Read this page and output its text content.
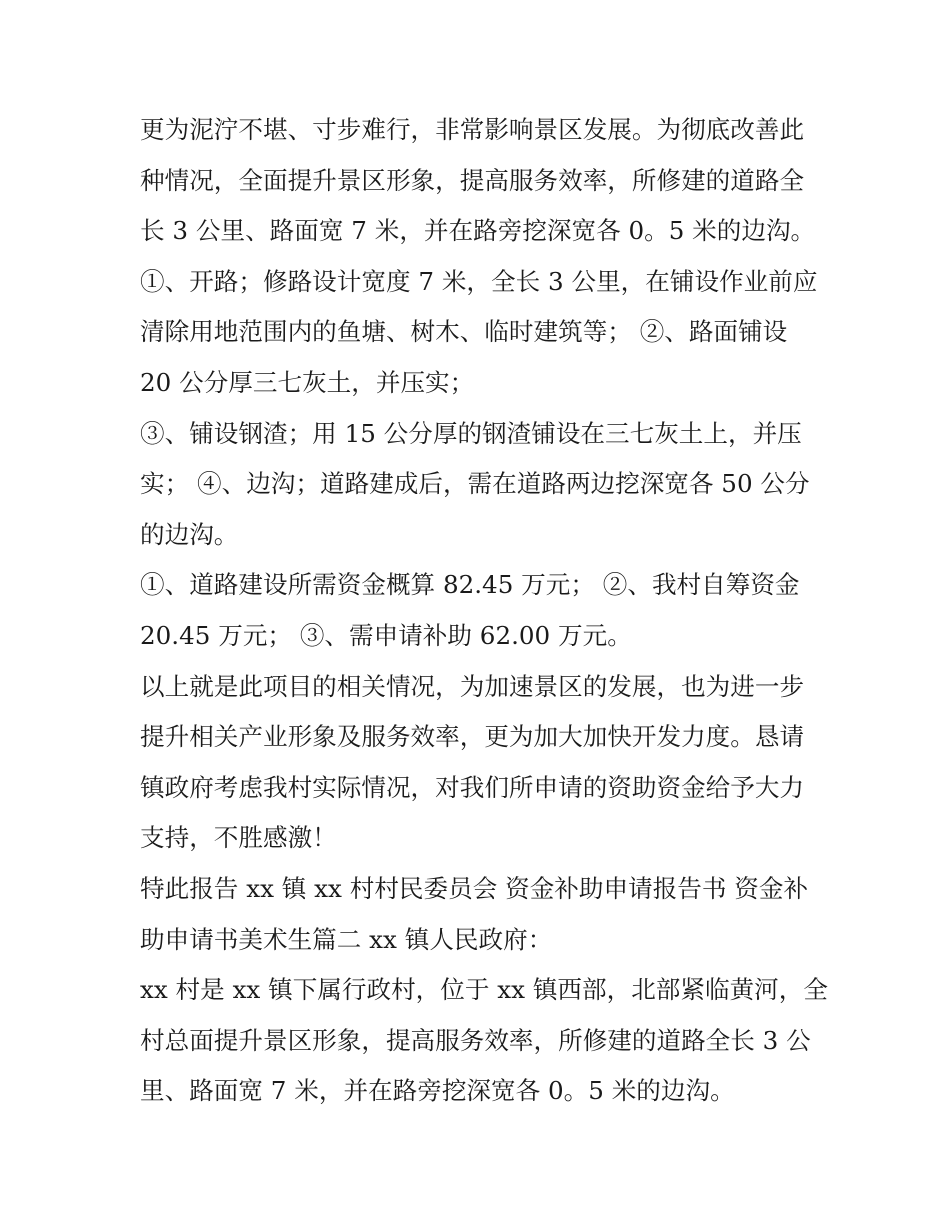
更为泥泞不堪、寸步难行，非常影响景区发展。为彻底改善此
种情况，全面提升景区形象，提高服务效率，所修建的道路全
长 3 公里、路面宽 7 米，并在路旁挖深宽各 0。5 米的边沟。
①、开路；修路设计宽度 7 米，全长 3 公里，在铺设作业前应
清除用地范围内的鱼塘、树木、临时建筑等； ②、路面铺设
20 公分厚三七灰土，并压实；
③、铺设钢渣；用 15 公分厚的钢渣铺设在三七灰土上，并压
实； ④、边沟；道路建成后，需在道路两边挖深宽各 50 公分
的边沟。
①、道路建设所需资金概算 82.45 万元； ②、我村自筹资金
20.45 万元； ③、需申请补助 62.00 万元。
以上就是此项目的相关情况，为加速景区的发展，也为进一步
提升相关产业形象及服务效率，更为加大加快开发力度。恳请
镇政府考虑我村实际情况，对我们所申请的资助资金给予大力
支持，不胜感激！
特此报告 xx 镇 xx 村村民委员会 资金补助申请报告书 资金补
助申请书美术生篇二 xx 镇人民政府：
xx 村是 xx 镇下属行政村，位于 xx 镇西部，北部紧临黄河，全
村总面提升景区形象，提高服务效率，所修建的道路全长 3 公
里、路面宽 7 米，并在路旁挖深宽各 0。5 米的边沟。
